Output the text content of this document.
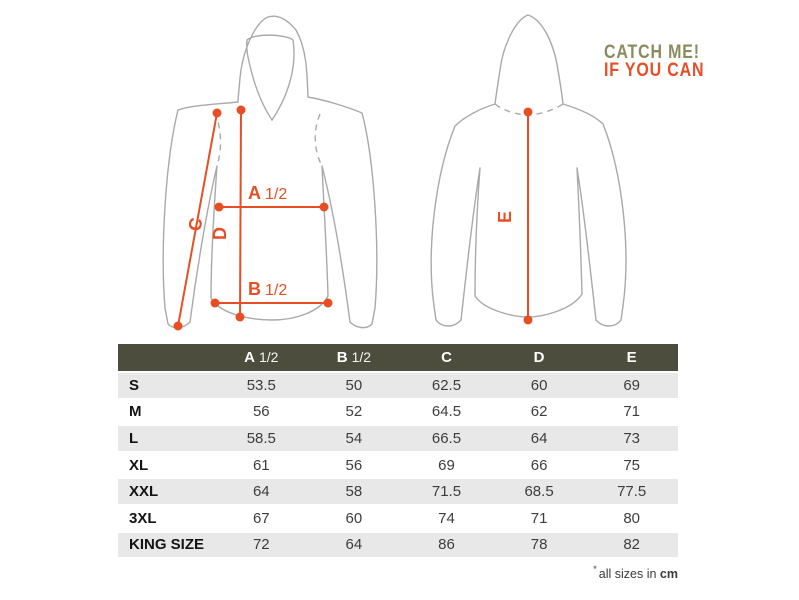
CATCH ME!
IF YOU CAN
A 1/2
B 1/2
C
D
E
	A 1/2	B 1/2	C	D	E
S	53.5	50	62.5	60	69
M	56	52	64.5	62	71
L	58.5	54	66.5	64	73
XL	61	56	69	66	75
XXL	64	58	71.5	68.5	77.5
3XL	67	60	74	71	80
KING SIZE	72	64	86	78	82
* all sizes in cm
